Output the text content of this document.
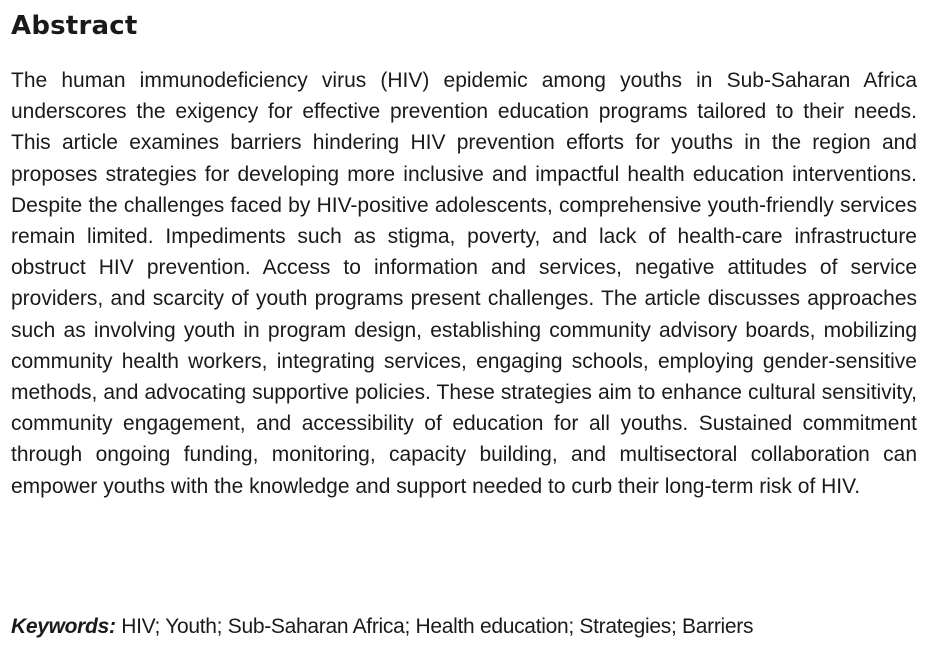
Abstract

The human immunodeficiency virus (HIV) epidemic among youths in Sub-Saharan Africa underscores the exigency for effective prevention education programs tailored to their needs. This article examines barriers hindering HIV prevention efforts for youths in the region and proposes strategies for developing more inclusive and impactful health education interventions. Despite the challenges faced by HIV-positive adolescents, comprehensive youth-friendly services remain limited. Impediments such as stigma, poverty, and lack of health-care infrastructure obstruct HIV prevention. Access to information and services, negative attitudes of service providers, and scarcity of youth programs present challenges. The article discusses approaches such as involving youth in program design, establishing community advisory boards, mobilizing community health workers, integrating services, engaging schools, employing gender-sensitive methods, and advocating supportive policies. These strategies aim to enhance cultural sensitivity, community engagement, and accessibility of education for all youths. Sustained commitment through ongoing funding, monitoring, capacity building, and multisectoral collaboration can empower youths with the knowledge and support needed to curb their long-term risk of HIV.

Keywords: HIV; Youth; Sub-Saharan Africa; Health education; Strategies; Barriers
